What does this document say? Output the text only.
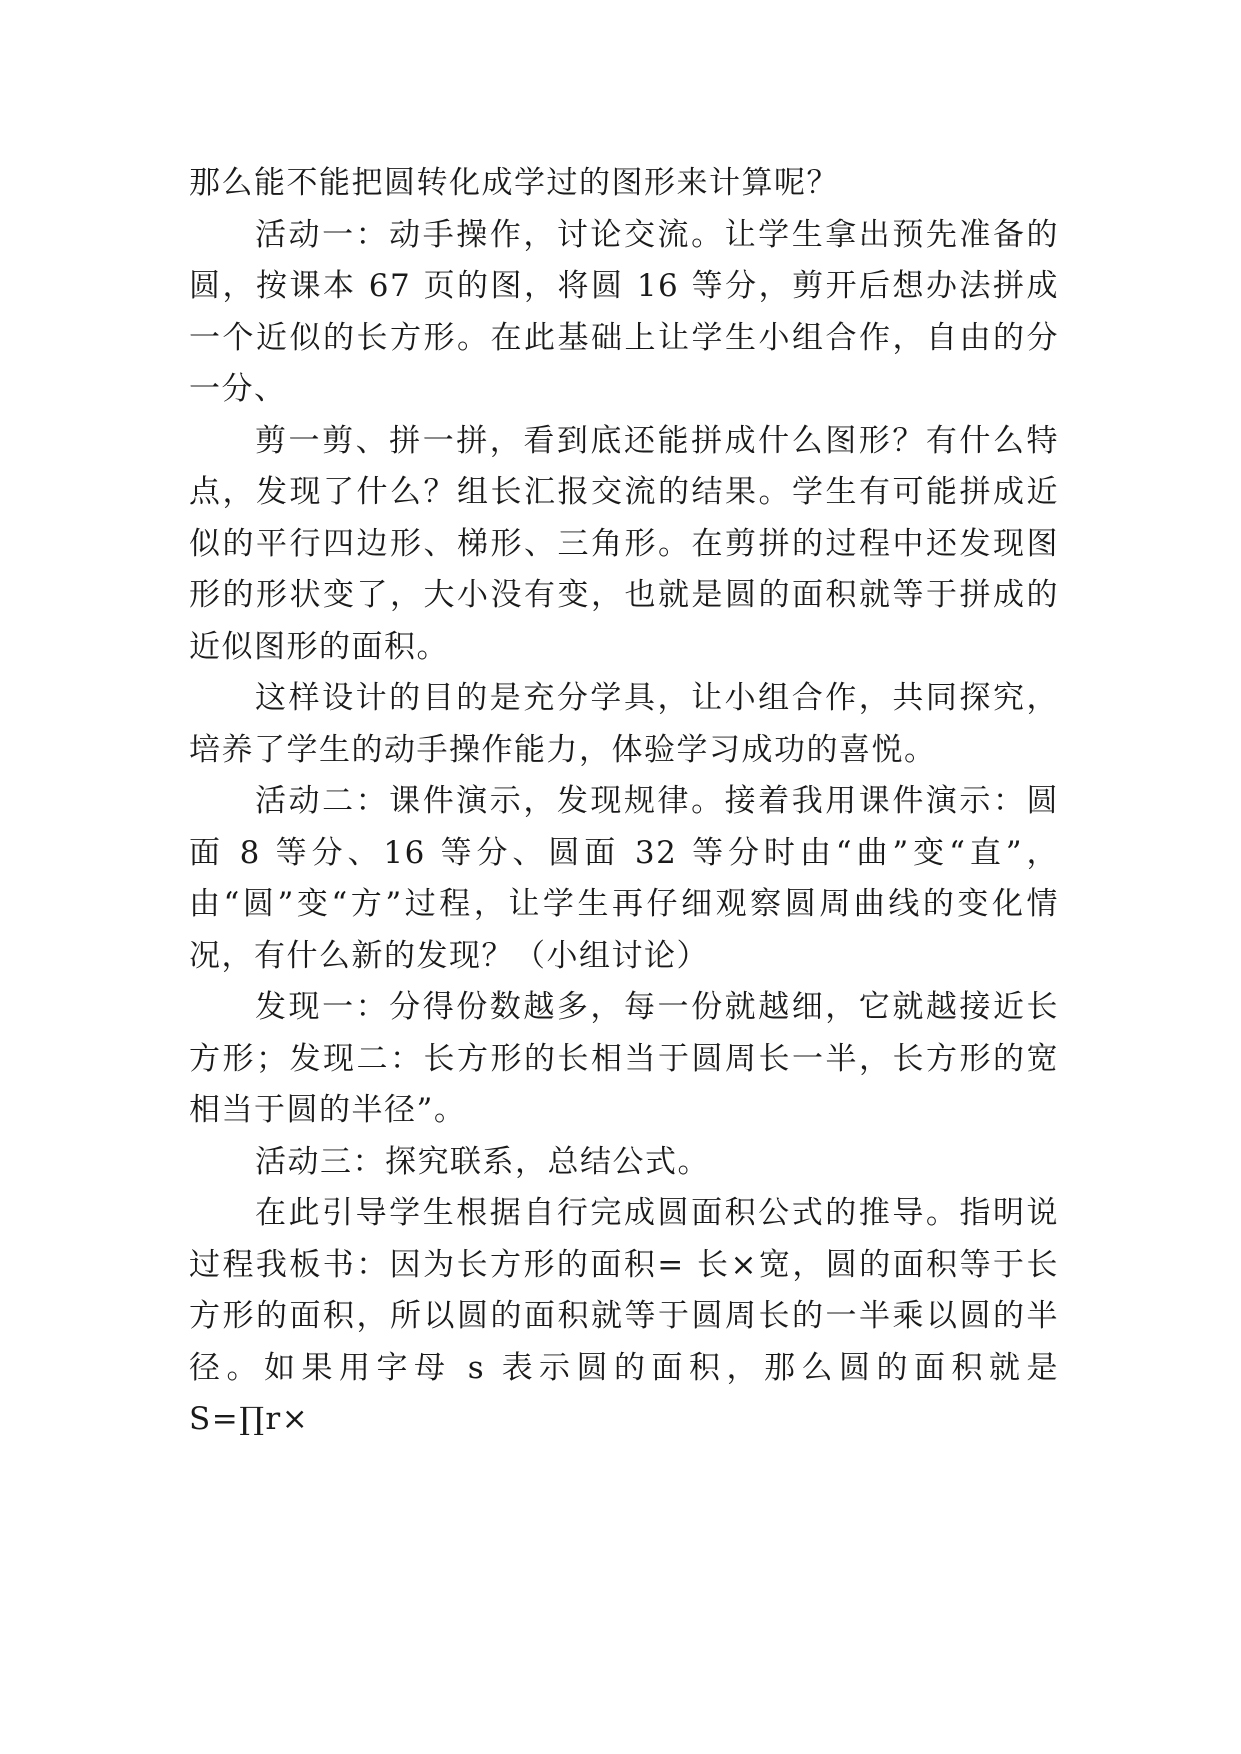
那么能不能把圆转化成学过的图形来计算呢？

活动一：动手操作，讨论交流。让学生拿出预先准备的圆，按课本 67 页的图，将圆 16 等分，剪开后想办法拼成一个近似的长方形。在此基础上让学生小组合作，自由的分一分、

剪一剪、拼一拼，看到底还能拼成什么图形？有什么特点，发现了什么？组长汇报交流的结果。学生有可能拼成近似的平行四边形、梯形、三角形。在剪拼的过程中还发现图形的形状变了，大小没有变，也就是圆的面积就等于拼成的近似图形的面积。

这样设计的目的是充分学具，让小组合作，共同探究，培养了学生的动手操作能力，体验学习成功的喜悦。

活动二：课件演示，发现规律。接着我用课件演示：圆面 8 等分、16 等分、圆面 32 等分时由“曲”变“直”，由“圆”变“方”过程，让学生再仔细观察圆周曲线的变化情况，有什么新的发现？（小组讨论）

发现一：分得份数越多，每一份就越细，它就越接近长方形；发现二：长方形的长相当于圆周长一半，长方形的宽相当于圆的半径”。

活动三：探究联系，总结公式。

在此引导学生根据自行完成圆面积公式的推导。指明说过程我板书：因为长方形的面积= 长×宽，圆的面积等于长方形的面积，所以圆的面积就等于圆周长的一半乘以圆的半径。如果用字母 s 表示圆的面积，那么圆的面积就是 S=∏r×
